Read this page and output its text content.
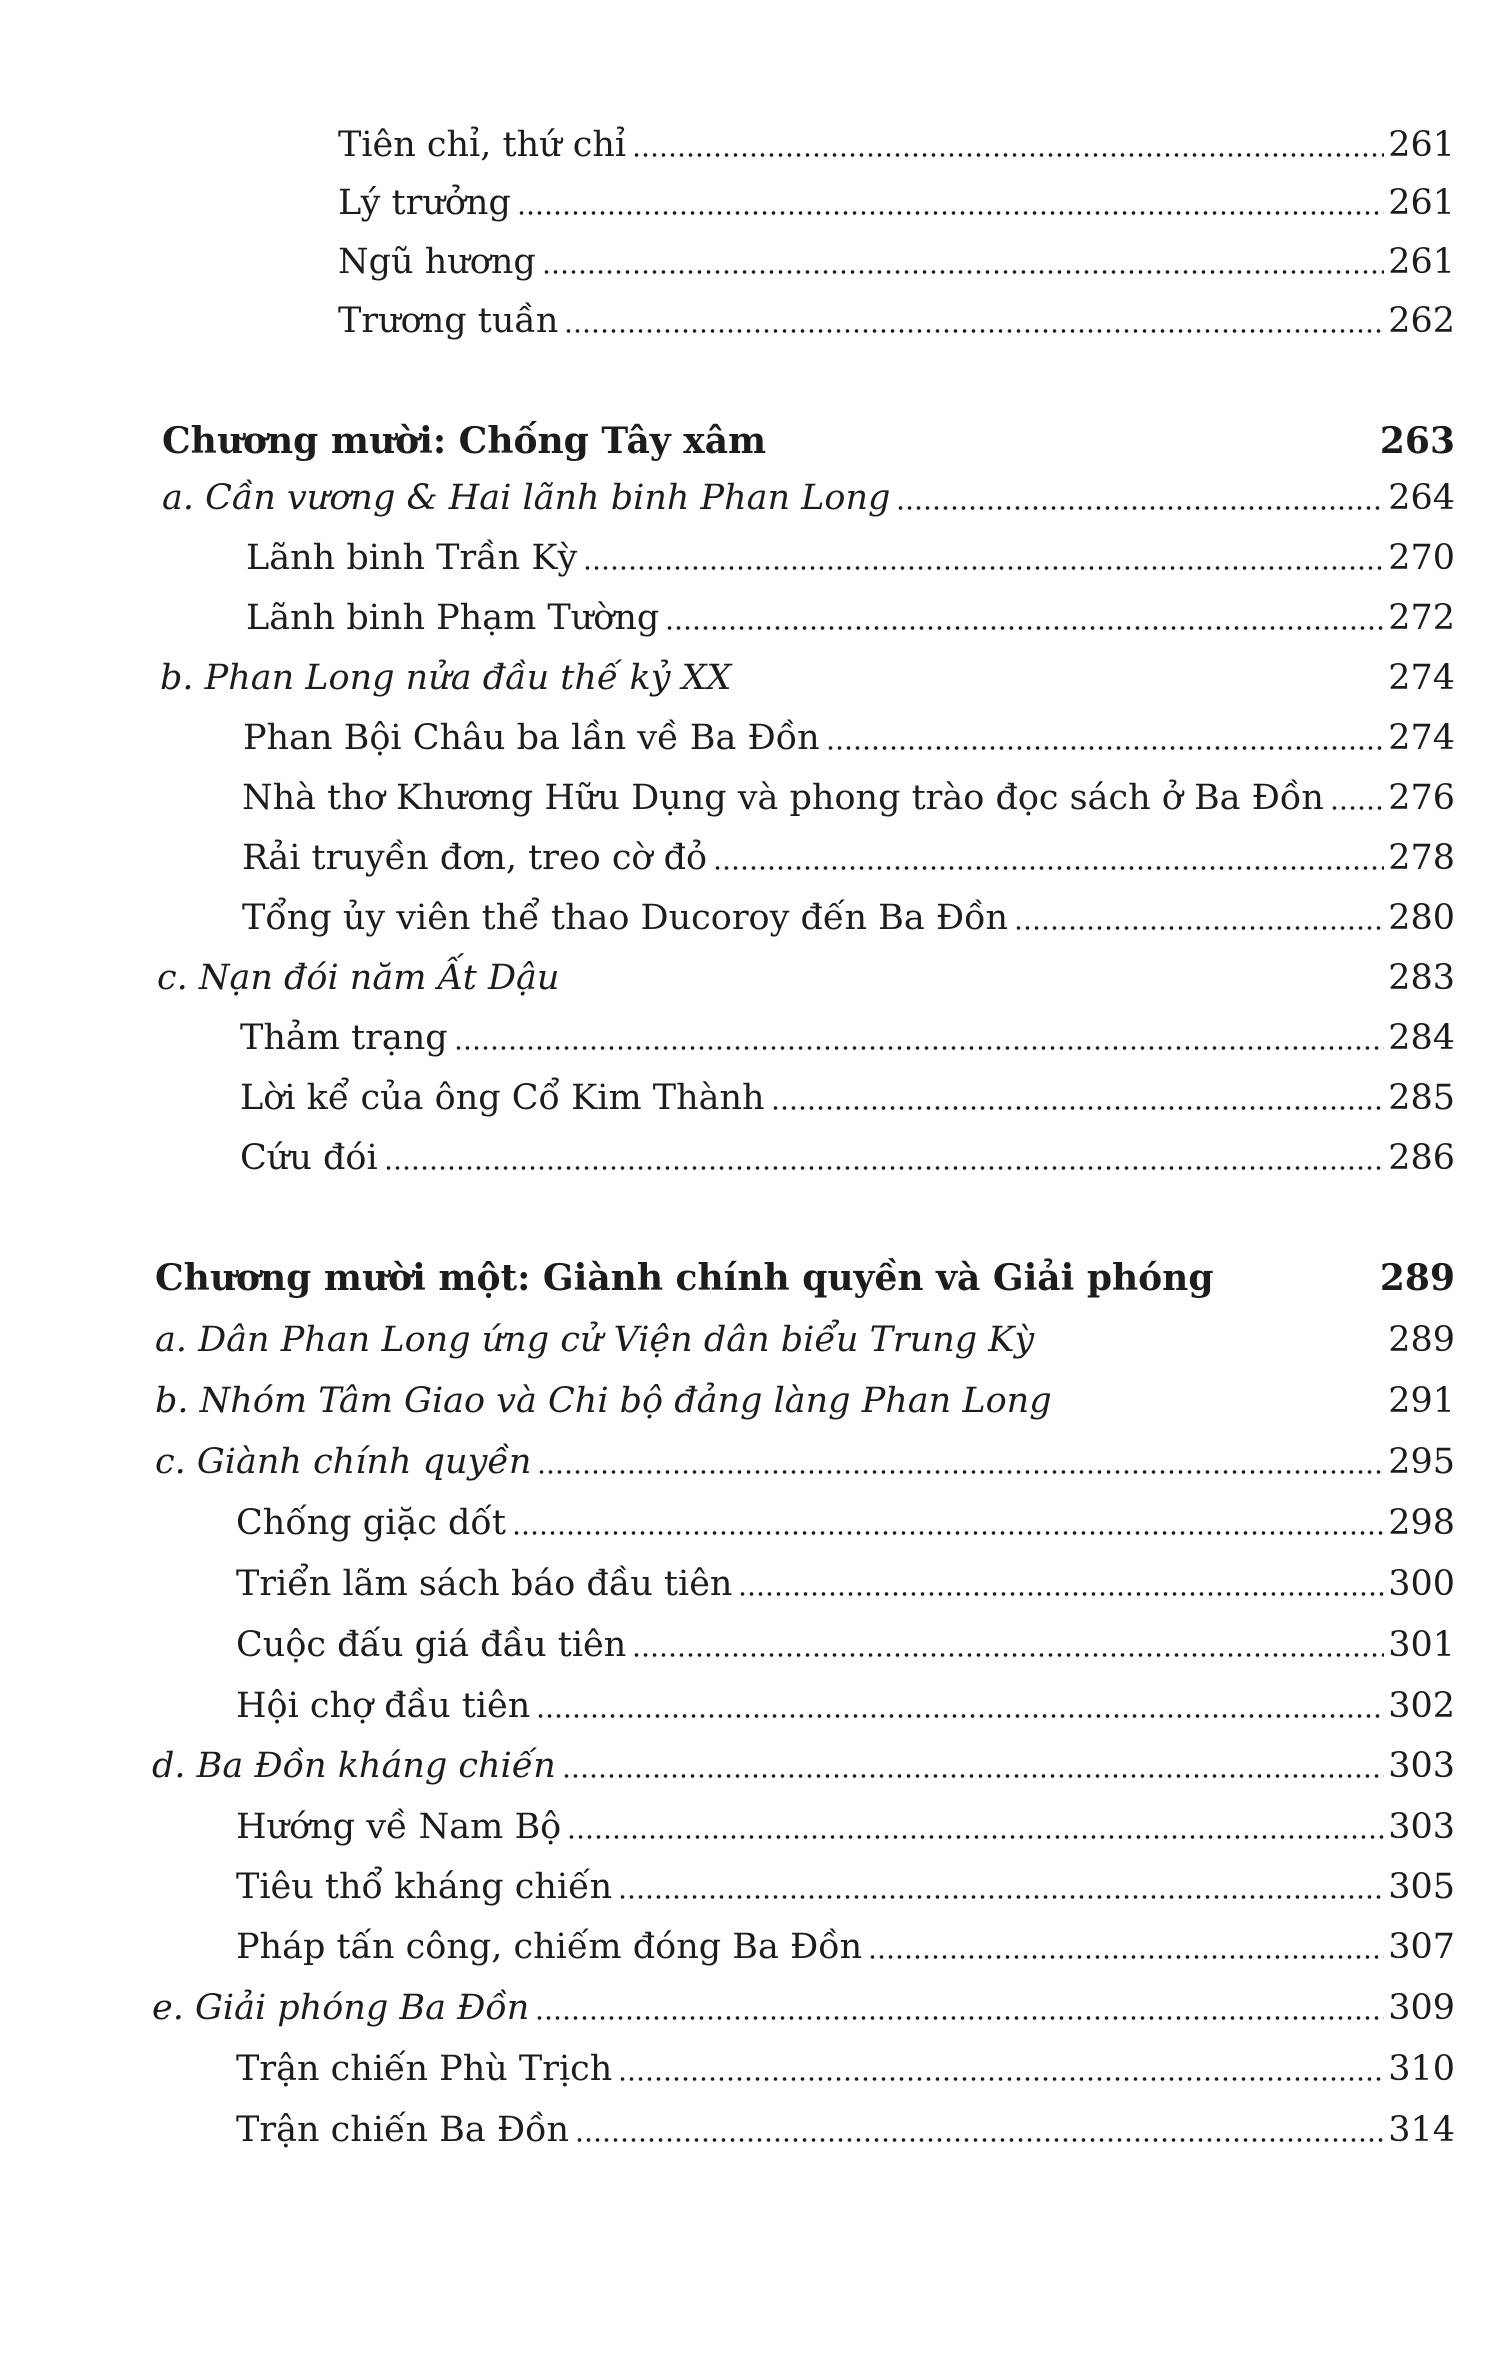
Tiên chỉ, thứ chỉ	261
Lý trưởng	261
Ngũ hương	261
Trương tuần	262
Chương mười: Chống Tây xâm	263
a. Cần vương & Hai lãnh binh Phan Long	264
Lãnh binh Trần Kỳ	270
Lãnh binh Phạm Tường	272
b. Phan Long nửa đầu thế kỷ XX	274
Phan Bội Châu ba lần về Ba Đồn	274
Nhà thơ Khương Hữu Dụng và phong trào đọc sách ở Ba Đồn 276
Rải truyền đơn, treo cờ đỏ	278
Tổng ủy viên thể thao Ducoroy đến Ba Đồn	280
c. Nạn đói năm Ất Dậu	283
Thảm trạng	284
Lời kể của ông Cổ Kim Thành	285
Cứu đói	286
Chương mười một: Giành chính quyền và Giải phóng	289
a. Dân Phan Long ứng cử Viện dân biểu Trung Kỳ	289
b. Nhóm Tâm Giao và Chi bộ đảng làng Phan Long	291
c. Giành chính quyền	295
Chống giặc dốt	298
Triển lãm sách báo đầu tiên	300
Cuộc đấu giá đầu tiên	301
Hội chợ đầu tiên	302
d. Ba Đồn kháng chiến	303
Hướng về Nam Bộ	303
Tiêu thổ kháng chiến	305
Pháp tấn công, chiếm đóng Ba Đồn	307
e. Giải phóng Ba Đồn	309
Trận chiến Phù Trịch	310
Trận chiến Ba Đồn	314
